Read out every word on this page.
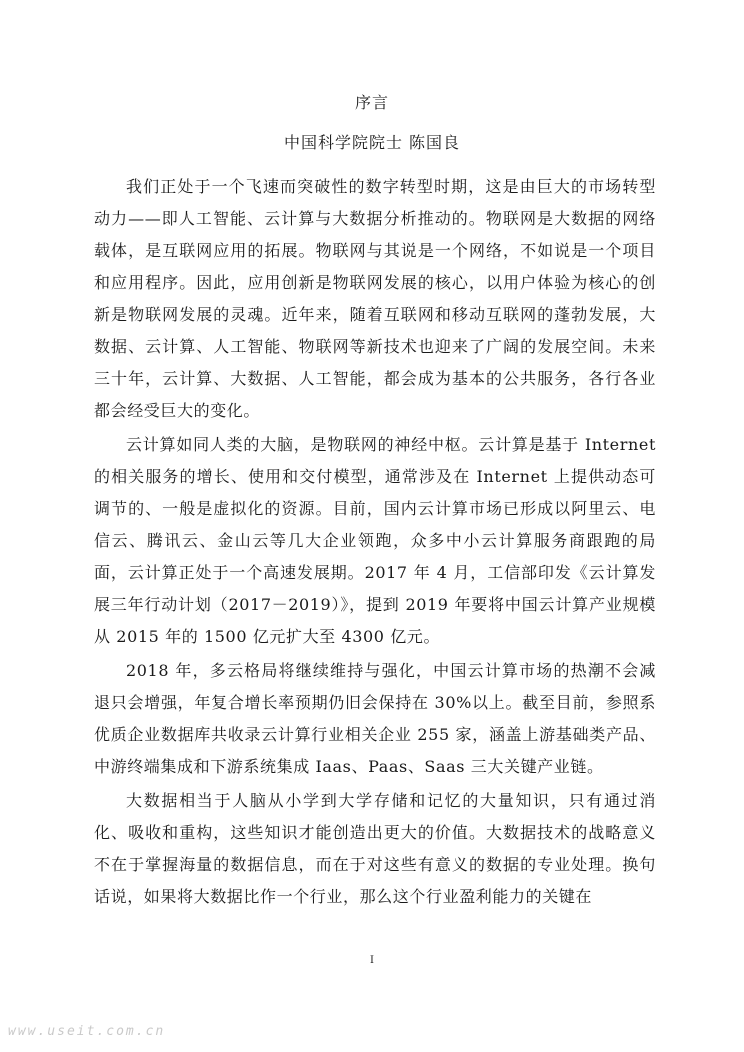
序言
中国科学院院士 陈国良

我们正处于一个飞速而突破性的数字转型时期，这是由巨大的市场转型动力——即人工智能、云计算与大数据分析推动的。物联网是大数据的网络载体，是互联网应用的拓展。物联网与其说是一个网络，不如说是一个项目和应用程序。因此，应用创新是物联网发展的核心，以用户体验为核心的创新是物联网发展的灵魂。近年来，随着互联网和移动互联网的蓬勃发展，大数据、云计算、人工智能、物联网等新技术也迎来了广阔的发展空间。未来三十年，云计算、大数据、人工智能，都会成为基本的公共服务，各行各业都会经受巨大的变化。

云计算如同人类的大脑，是物联网的神经中枢。云计算是基于 Internet 的相关服务的增长、使用和交付模型，通常涉及在 Internet 上提供动态可调节的、一般是虚拟化的资源。目前，国内云计算市场已形成以阿里云、电信云、腾讯云、金山云等几大企业领跑，众多中小云计算服务商跟跑的局面，云计算正处于一个高速发展期。2017 年 4 月，工信部印发《云计算发展三年行动计划（2017－2019）》，提到 2019 年要将中国云计算产业规模从 2015 年的 1500 亿元扩大至 4300 亿元。

2018 年，多云格局将继续维持与强化，中国云计算市场的热潮不会减退只会增强，年复合增长率预期仍旧会保持在 30%以上。截至目前，参照系优质企业数据库共收录云计算行业相关企业 255 家，涵盖上游基础类产品、中游终端集成和下游系统集成 Iaas、Paas、Saas 三大关键产业链。

大数据相当于人脑从小学到大学存储和记忆的大量知识，只有通过消化、吸收和重构，这些知识才能创造出更大的价值。大数据技术的战略意义不在于掌握海量的数据信息，而在于对这些有意义的数据的专业处理。换句话说，如果将大数据比作一个行业，那么这个行业盈利能力的关键在

I
www.useit.com.cn
